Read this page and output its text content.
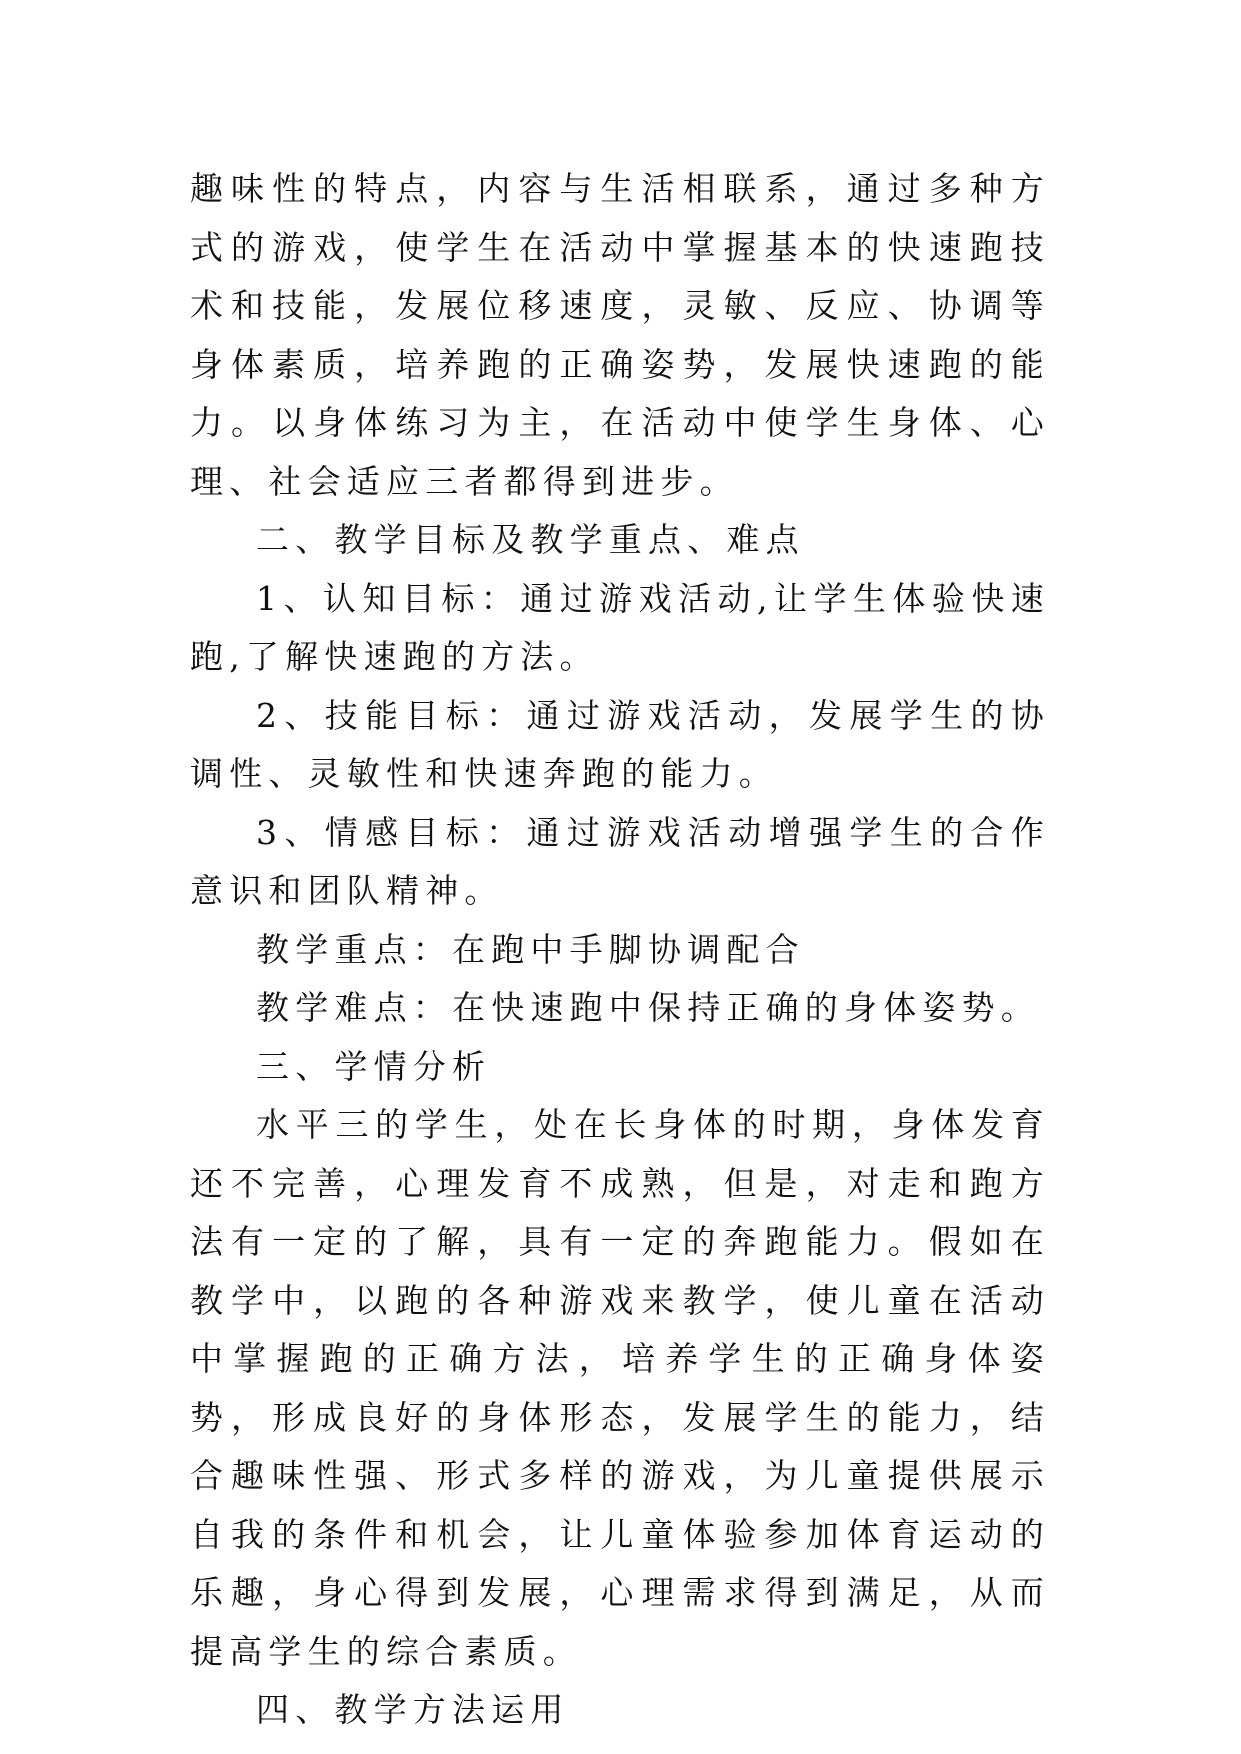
趣味性的特点，内容与生活相联系，通过多种方式的游戏，使学生在活动中掌握基本的快速跑技术和技能，发展位移速度，灵敏、反应、协调等身体素质，培养跑的正确姿势，发展快速跑的能力。以身体练习为主，在活动中使学生身体、心理、社会适应三者都得到进步。

二、教学目标及教学重点、难点

1、认知目标：通过游戏活动,让学生体验快速跑,了解快速跑的方法。

2、技能目标：通过游戏活动，发展学生的协调性、灵敏性和快速奔跑的能力。

3、情感目标：通过游戏活动增强学生的合作意识和团队精神。

教学重点：在跑中手脚协调配合

教学难点：在快速跑中保持正确的身体姿势。

三、学情分析

水平三的学生，处在长身体的时期，身体发育还不完善，心理发育不成熟，但是，对走和跑方法有一定的了解，具有一定的奔跑能力。假如在教学中，以跑的各种游戏来教学，使儿童在活动中掌握跑的正确方法，培养学生的正确身体姿势，形成良好的身体形态，发展学生的能力，结合趣味性强、形式多样的游戏，为儿童提供展示自我的条件和机会，让儿童体验参加体育运动的乐趣，身心得到发展，心理需求得到满足，从而提高学生的综合素质。

四、教学方法运用
